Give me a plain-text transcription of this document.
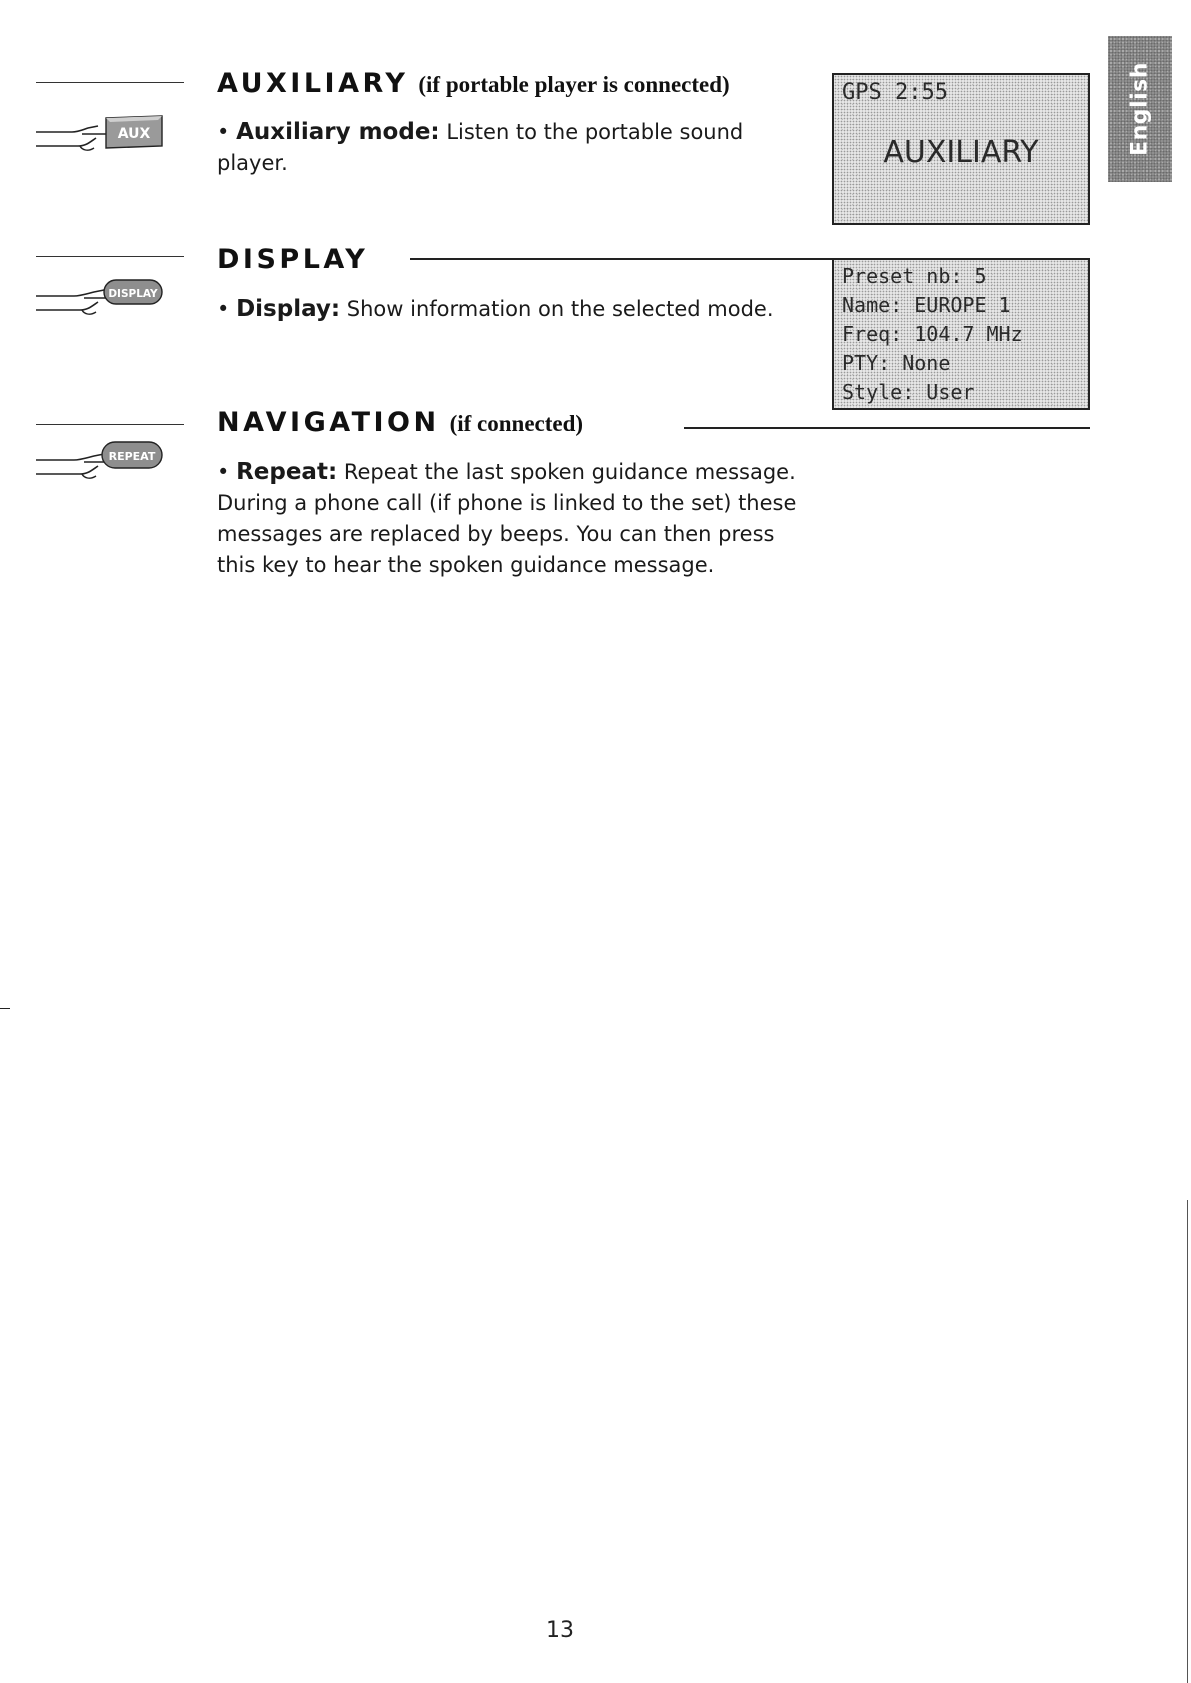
English
AUX
AUXILIARY (if portable player is connected)
• Auxiliary mode: Listen to the portable sound player.
GPS 2:55
AUXILIARY
DISPLAY
DISPLAY
• Display: Show information on the selected mode.
Preset nb: 5
Name: EUROPE 1
Freq: 104.7 MHz
PTY: None
Style: User
REPEAT
NAVIGATION (if connected)
• Repeat: Repeat the last spoken guidance message. During a phone call (if phone is linked to the set) these messages are replaced by beeps. You can then press this key to hear the spoken guidance message.
13
